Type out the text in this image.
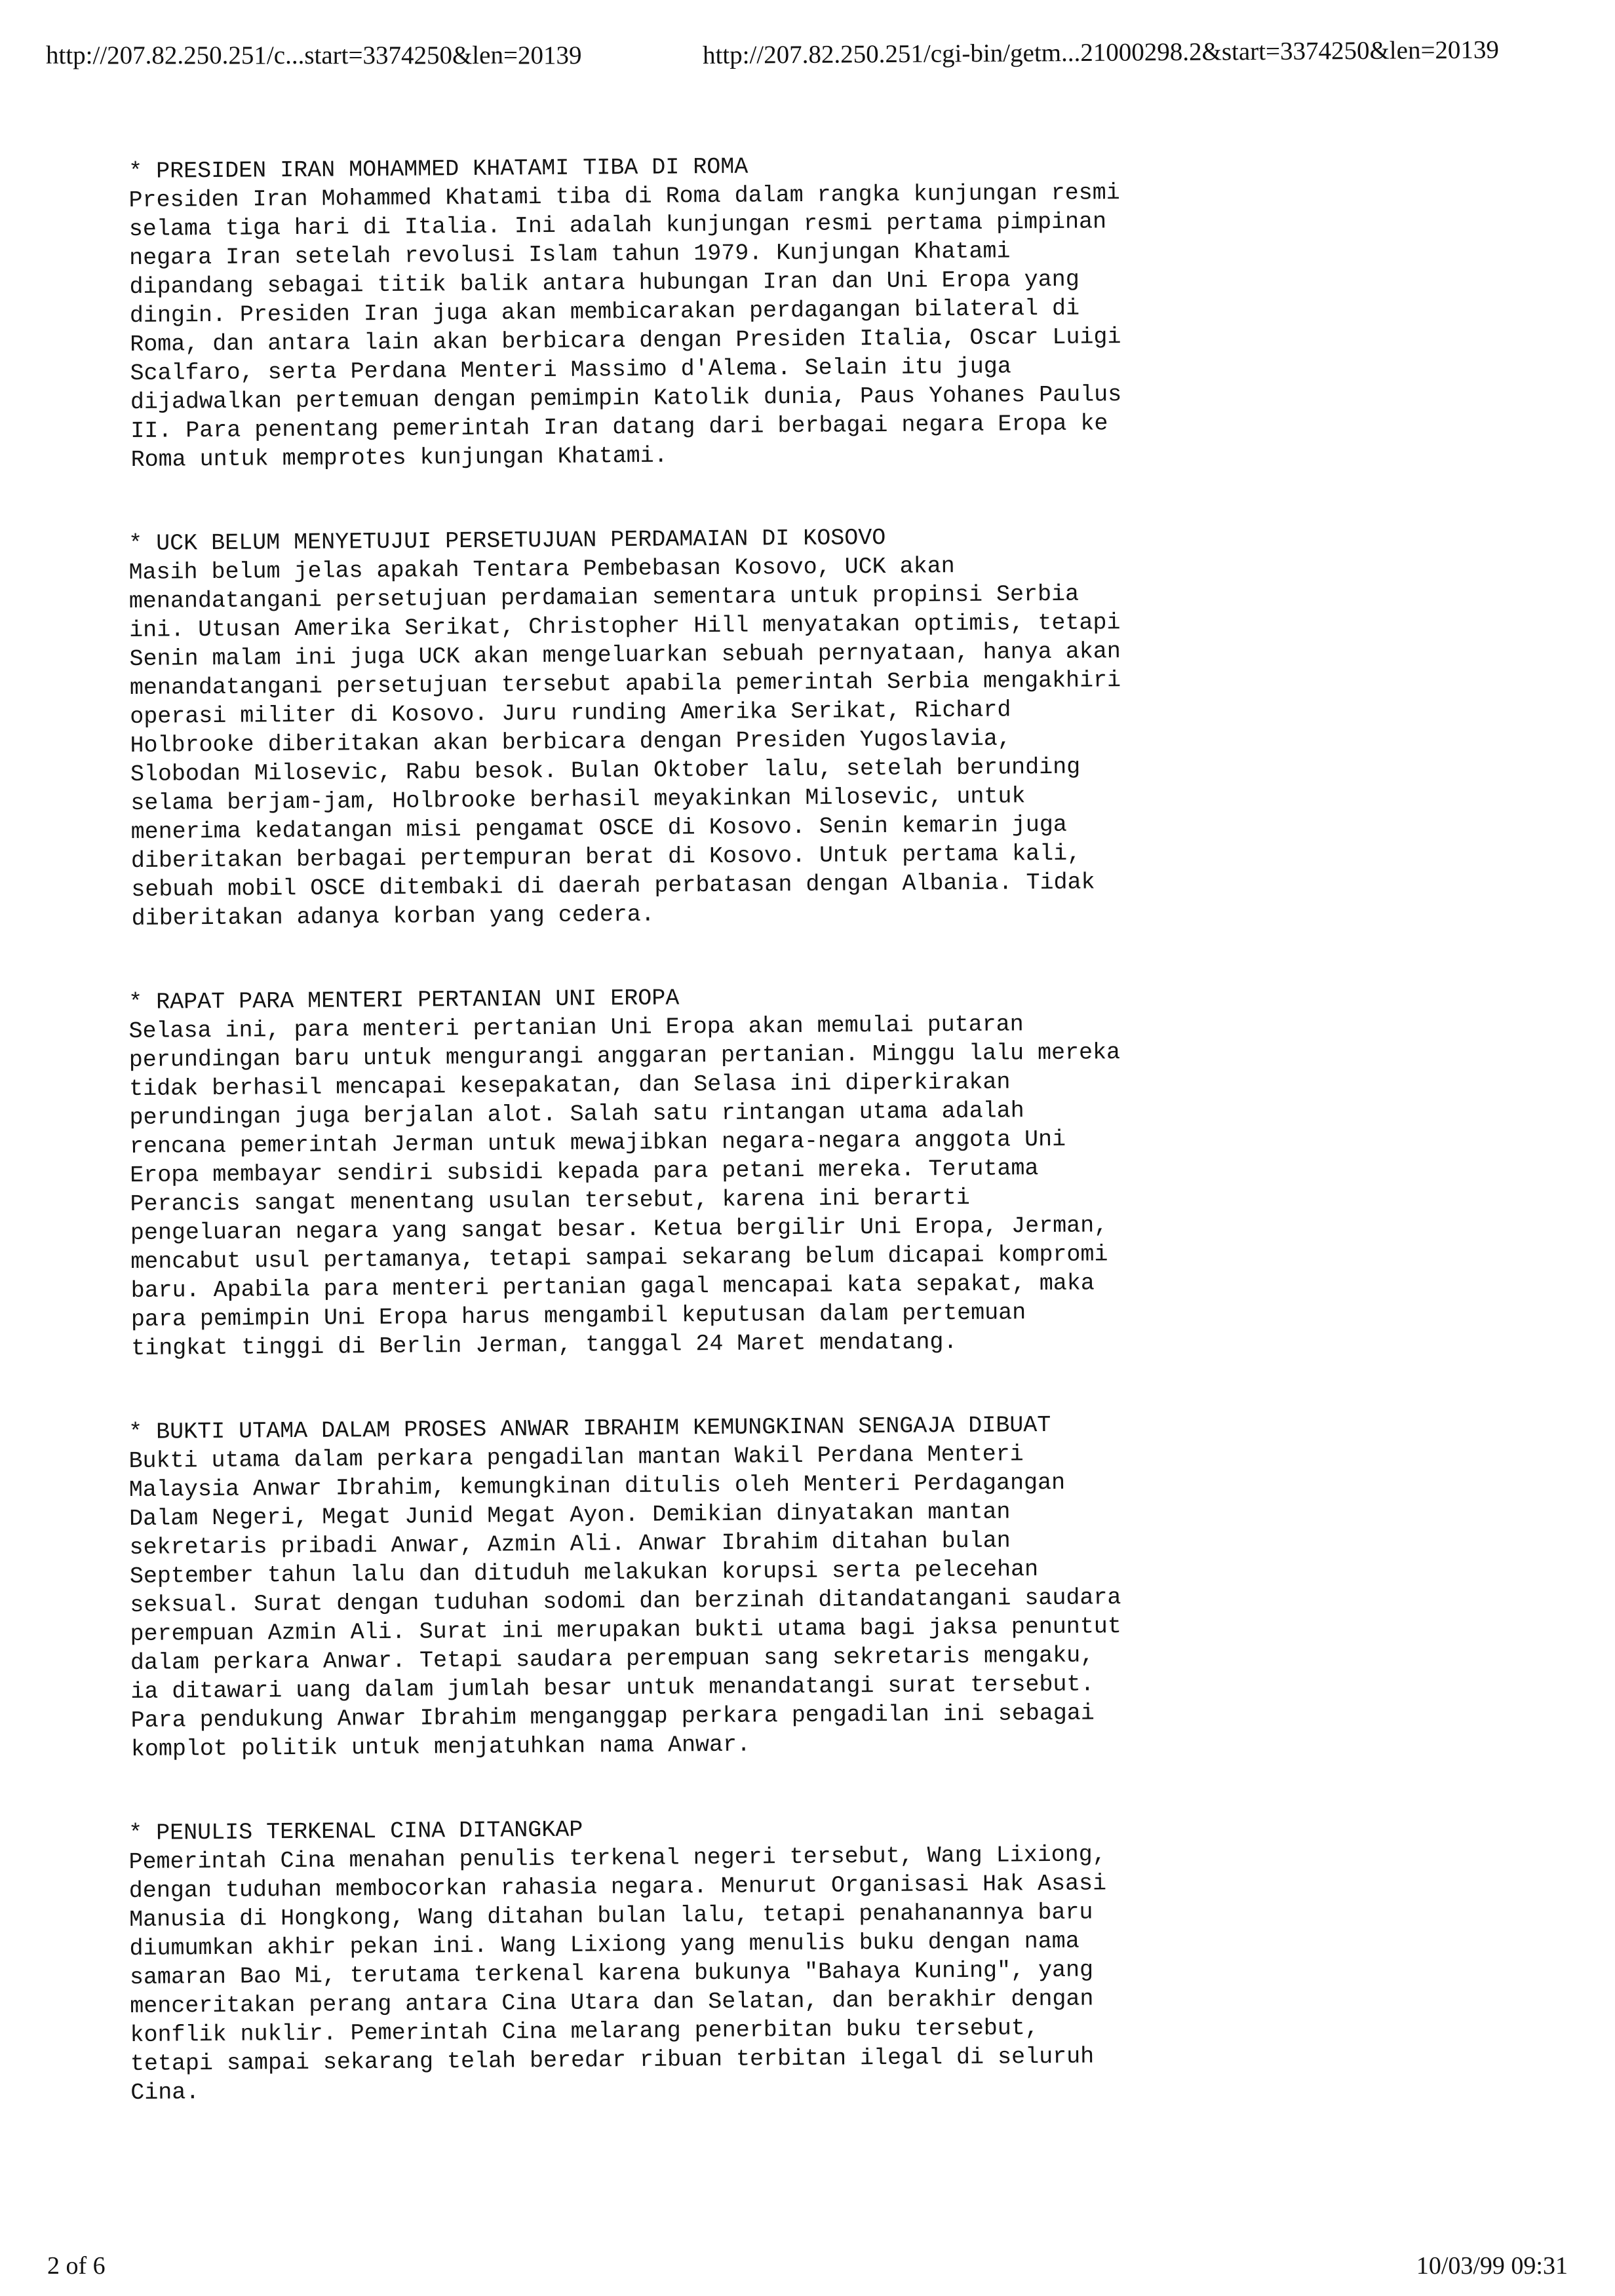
http://207.82.250.251/c...start=3374250&len=20139	http://207.82.250.251/cgi-bin/getm...21000298.2&start=3374250&len=20139

* PRESIDEN IRAN MOHAMMED KHATAMI TIBA DI ROMA

Presiden Iran Mohammed Khatami tiba di Roma dalam rangka kunjungan resmi
selama tiga hari di Italia. Ini adalah kunjungan resmi pertama pimpinan
negara Iran setelah revolusi Islam tahun 1979. Kunjungan Khatami
dipandang sebagai titik balik antara hubungan Iran dan Uni Eropa yang
dingin. Presiden Iran juga akan membicarakan perdagangan bilateral di
Roma, dan antara lain akan berbicara dengan Presiden Italia, Oscar Luigi
Scalfaro, serta Perdana Menteri Massimo d'Alema. Selain itu juga
dijadwalkan pertemuan dengan pemimpin Katolik dunia, Paus Yohanes Paulus
II. Para penentang pemerintah Iran datang dari berbagai negara Eropa ke
Roma untuk memprotes kunjungan Khatami.

* UCK BELUM MENYETUJUI PERSETUJUAN PERDAMAIAN DI KOSOVO

Masih belum jelas apakah Tentara Pembebasan Kosovo, UCK akan
menandatangani persetujuan perdamaian sementara untuk propinsi Serbia
ini. Utusan Amerika Serikat, Christopher Hill menyatakan optimis, tetapi
Senin malam ini juga UCK akan mengeluarkan sebuah pernyataan, hanya akan
menandatangani persetujuan tersebut apabila pemerintah Serbia mengakhiri
operasi militer di Kosovo. Juru runding Amerika Serikat, Richard
Holbrooke diberitakan akan berbicara dengan Presiden Yugoslavia,
Slobodan Milosevic, Rabu besok. Bulan Oktober lalu, setelah berunding
selama berjam-jam, Holbrooke berhasil meyakinkan Milosevic, untuk
menerima kedatangan misi pengamat OSCE di Kosovo. Senin kemarin juga
diberitakan berbagai pertempuran berat di Kosovo. Untuk pertama kali,
sebuah mobil OSCE ditembaki di daerah perbatasan dengan Albania. Tidak
diberitakan adanya korban yang cedera.

* RAPAT PARA MENTERI PERTANIAN UNI EROPA

Selasa ini, para menteri pertanian Uni Eropa akan memulai putaran
perundingan baru untuk mengurangi anggaran pertanian. Minggu lalu mereka
tidak berhasil mencapai kesepakatan, dan Selasa ini diperkirakan
perundingan juga berjalan alot. Salah satu rintangan utama adalah
rencana pemerintah Jerman untuk mewajibkan negara-negara anggota Uni
Eropa membayar sendiri subsidi kepada para petani mereka. Terutama
Perancis sangat menentang usulan tersebut, karena ini berarti
pengeluaran negara yang sangat besar. Ketua bergilir Uni Eropa, Jerman,
mencabut usul pertamanya, tetapi sampai sekarang belum dicapai kompromi
baru. Apabila para menteri pertanian gagal mencapai kata sepakat, maka
para pemimpin Uni Eropa harus mengambil keputusan dalam pertemuan
tingkat tinggi di Berlin Jerman, tanggal 24 Maret mendatang.

* BUKTI UTAMA DALAM PROSES ANWAR IBRAHIM KEMUNGKINAN SENGAJA DIBUAT

Bukti utama dalam perkara pengadilan mantan Wakil Perdana Menteri
Malaysia Anwar Ibrahim, kemungkinan ditulis oleh Menteri Perdagangan
Dalam Negeri, Megat Junid Megat Ayon. Demikian dinyatakan mantan
sekretaris pribadi Anwar, Azmin Ali. Anwar Ibrahim ditahan bulan
September tahun lalu dan dituduh melakukan korupsi serta pelecehan
seksual. Surat dengan tuduhan sodomi dan berzinah ditandatangani saudara
perempuan Azmin Ali. Surat ini merupakan bukti utama bagi jaksa penuntut
dalam perkara Anwar. Tetapi saudara perempuan sang sekretaris mengaku,
ia ditawari uang dalam jumlah besar untuk menandatangi surat tersebut.
Para pendukung Anwar Ibrahim menganggap perkara pengadilan ini sebagai
komplot politik untuk menjatuhkan nama Anwar.

* PENULIS TERKENAL CINA DITANGKAP

Pemerintah Cina menahan penulis terkenal negeri tersebut, Wang Lixiong,
dengan tuduhan membocorkan rahasia negara. Menurut Organisasi Hak Asasi
Manusia di Hongkong, Wang ditahan bulan lalu, tetapi penahanannya baru
diumumkan akhir pekan ini. Wang Lixiong yang menulis buku dengan nama
samaran Bao Mi, terutama terkenal karena bukunya "Bahaya Kuning", yang
menceritakan perang antara Cina Utara dan Selatan, dan berakhir dengan
konflik nuklir. Pemerintah Cina melarang penerbitan buku tersebut,
tetapi sampai sekarang telah beredar ribuan terbitan ilegal di seluruh
Cina.

2 of 6	10/03/99 09:31
